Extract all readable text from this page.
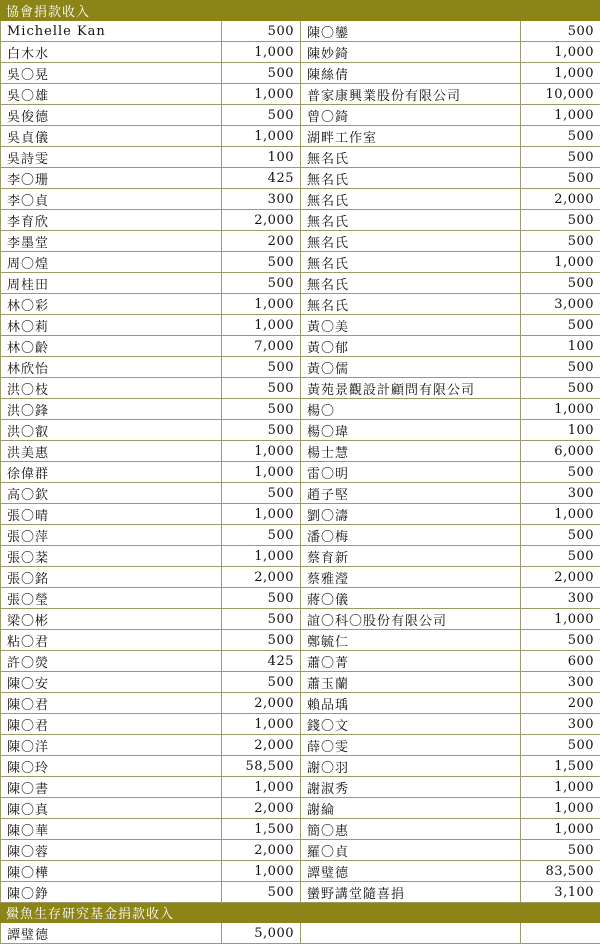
協會捐款收入			
Michelle Kan	500	陳〇鑾	500
白木水	1,000	陳妙錡	1,000
吳〇晃	500	陳絲倩	1,000
吳〇雄	1,000	普家康興業股份有限公司	10,000
吳俊德	500	曾〇錡	1,000
吳貞儀	1,000	湖畔工作室	500
吳詩雯	100	無名氏	500
李〇珊	425	無名氏	500
李〇貞	300	無名氏	2,000
李育欣	2,000	無名氏	500
李墨堂	200	無名氏	500
周〇煌	500	無名氏	1,000
周桂田	500	無名氏	500
林〇彩	1,000	無名氏	3,000
林〇莉	1,000	黃〇美	500
林〇齡	7,000	黃〇郁	100
林欣怡	500	黃〇儒	500
洪〇枝	500	黃苑景觀設計顧問有限公司	500
洪〇鋒	500	楊〇	1,000
洪〇叡	500	楊〇瑋	100
洪美惠	1,000	楊士慧	6,000
徐偉群	1,000	雷〇明	500
高〇欽	500	趙子堅	300
張〇晴	1,000	劉〇濤	1,000
張〇萍	500	潘〇梅	500
張〇棻	1,000	蔡育新	500
張〇銘	2,000	蔡雅瀅	2,000
張〇瑩	500	蔣〇儀	300
梁〇彬	500	誼〇科〇股份有限公司	1,000
粘〇君	500	鄭毓仁	500
許〇熒	425	蕭〇菁	600
陳〇安	500	蕭玉蘭	300
陳〇君	2,000	賴品瑀	200
陳〇君	1,000	錢〇文	300
陳〇洋	2,000	薛〇雯	500
陳〇玲	58,500	謝〇羽	1,500
陳〇書	1,000	謝淑秀	1,000
陳〇真	2,000	謝綸	1,000
陳〇華	1,500	簡〇惠	1,000
陳〇蓉	2,000	羅〇貞	500
陳〇樺	1,000	譚璧德	83,500
陳〇錚	500	蠻野講堂隨喜捐	3,100
鱟魚生存研究基金捐款收入			
譚璧德	5,000		
